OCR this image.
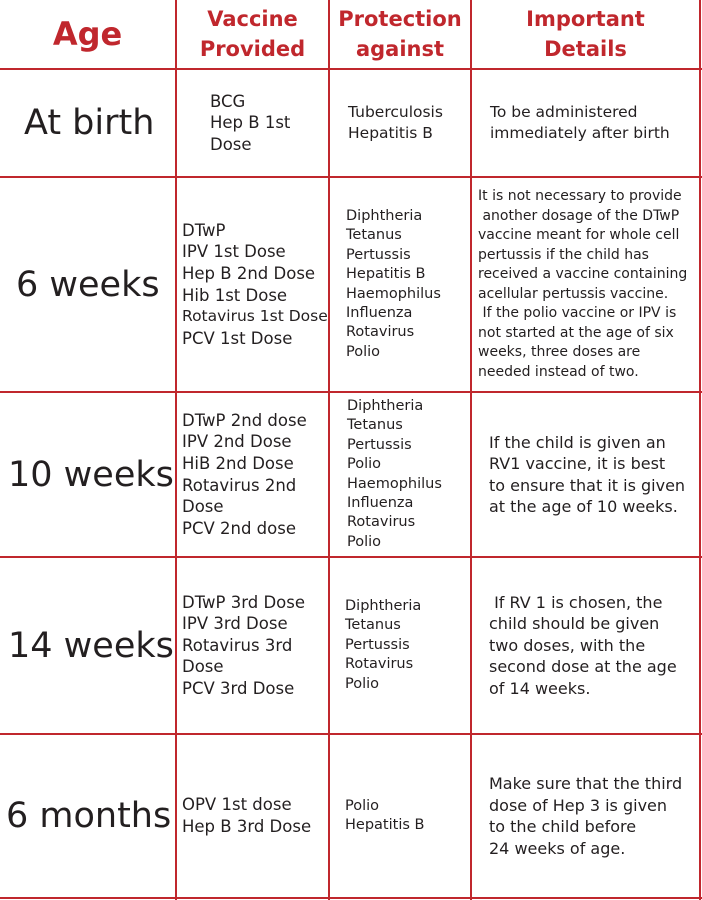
Age	Vaccine
Provided
Protection
against
Important
Details
At birth
BCG
Hep B 1st
Dose
Tuberculosis
Hepatitis B
To be administered
immediately after birth
6 weeks
DTwP
IPV 1st Dose
Hep B 2nd Dose
Hib 1st Dose
Rotavirus 1st Dose
PCV 1st Dose
Diphtheria
Tetanus
Pertussis
Hepatitis B
Haemophilus
Influenza
Rotavirus
Polio
It is not necessary to provide
another dosage of the DTwP
vaccine meant for whole cell
pertussis if the child has
received a vaccine containing
acellular pertussis vaccine.
If the polio vaccine or IPV is
not started at the age of six
weeks, three doses are
needed instead of two.
10 weeks
DTwP 2nd dose
IPV 2nd Dose
HiB 2nd Dose
Rotavirus 2nd
Dose
PCV 2nd dose
Diphtheria
Tetanus
Pertussis
Polio
Haemophilus
Influenza
Rotavirus
Polio
If the child is given an
RV1 vaccine, it is best
to ensure that it is given
at the age of 10 weeks.
14 weeks
DTwP 3rd Dose
IPV 3rd Dose
Rotavirus 3rd
Dose
PCV 3rd Dose
Diphtheria
Tetanus
Pertussis
Rotavirus
Polio
If RV 1 is chosen, the
child should be given
two doses, with the
second dose at the age
of 14 weeks.
6 months OPV 1st dose
Hep B 3rd Dose
Polio
Hepatitis B
Make sure that the third
dose of Hep 3 is given
to the child before
24 weeks of age.
